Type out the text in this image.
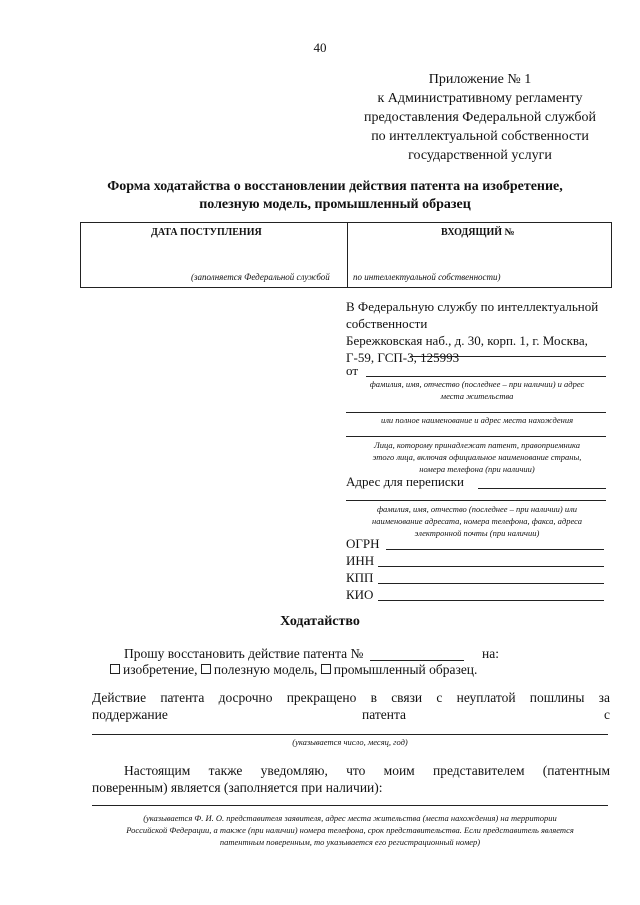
40
Приложение № 1
к Административному регламенту
предоставления Федеральной службой
по интеллектуальной собственности
государственной услуги
Форма ходатайства о восстановлении действия патента на изобретение,
полезную модель, промышленный образец
ДАТА ПОСТУПЛЕНИЯ	ВХОДЯЩИЙ №
(заполняется Федеральной службой	по интеллектуальной собственности)
В Федеральную службу по интеллектуальной
собственности
Бережковская наб., д. 30, корп. 1, г. Москва,
Г-59, ГСП-3, 125993
от
фамилия, имя, отчество (последнее – при наличии) и адрес
места жительства
или полное наименование и адрес места нахождения
Лица, которому принадлежат патент, правоприемника
этого лица, включая официальное наименование страны,
номера телефона (при наличии)
Адрес для переписки
фамилия, имя, отчество (последнее – при наличии) или
наименование адресата, номера телефона, факса, адреса
электронной почты (при наличии)
ОГРН
ИНН
КПП
КИО
Ходатайство
Прошу восстановить действие патента №	на:
изобретение, полезную модель, промышленный образец.
Действие  патента  досрочно  прекращено  в  связи  с  неуплатой  пошлины  за
поддержание	патента	с
(указывается число, месяц, год)
Настоящим   также   уведомляю,   что   моим   представителем   (патентным
поверенным) является (заполняется при наличии):
(указывается Ф. И. О. представителя заявителя, адрес места жительства (места нахождения) на территории
Российской Федерации, а также (при наличии) номера телефона, срок представительства. Если представитель является
патентным поверенным, то указывается его регистрационный номер)
